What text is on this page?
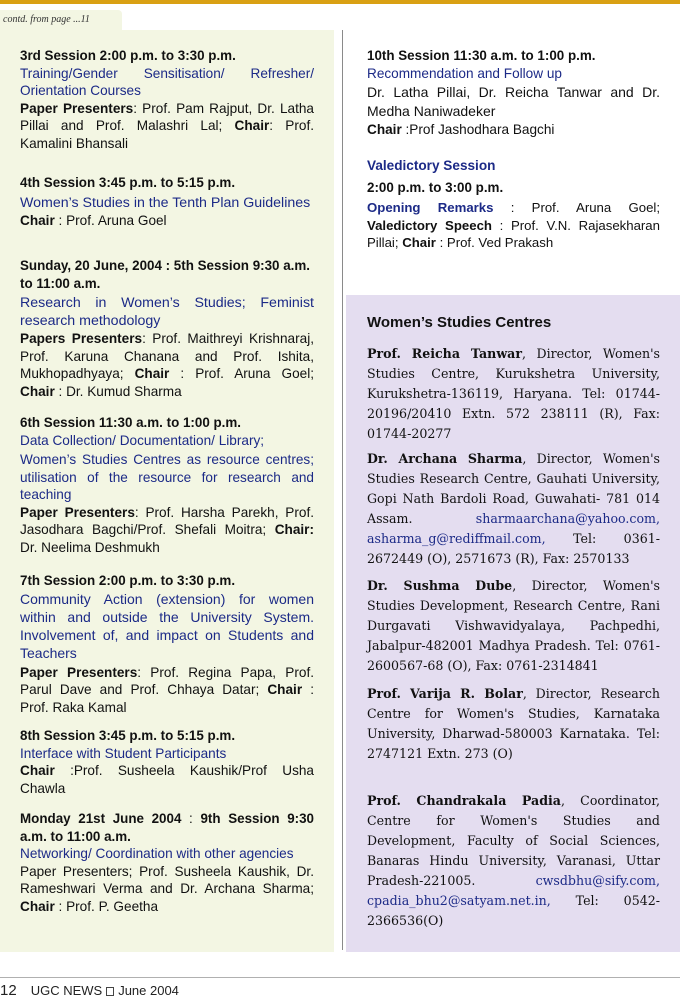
contd. from page ...11
3rd Session 2:00 p.m. to 3:30 p.m.
Training/Gender Sensitisation/ Refresher/ Orientation Courses
Paper Presenters: Prof. Pam Rajput, Dr. Latha Pillai and Prof. Malashri Lal; Chair: Prof. Kamalini Bhansali
4th Session 3:45 p.m. to 5:15 p.m.
Women’s Studies in the Tenth Plan Guidelines
Chair : Prof. Aruna Goel
Sunday, 20 June, 2004 : 5th Session 9:30 a.m. to 11:00 a.m.
Research in Women’s Studies; Feminist research methodology
Papers Presenters: Prof. Maithreyi Krishnaraj, Prof. Karuna Chanana and Prof. Ishita, Mukhopadhyaya; Chair : Prof. Aruna Goel; Chair : Dr. Kumud Sharma
6th Session 11:30 a.m. to 1:00 p.m.
Data Collection/ Documentation/ Library;
Women’s Studies Centres as resource centres; utilisation of the resource for research and teaching
Paper Presenters: Prof. Harsha Parekh, Prof. Jasodhara Bagchi/Prof. Shefali Moitra; Chair: Dr. Neelima Deshmukh
7th Session 2:00 p.m. to 3:30 p.m.
Community Action (extension) for women within and outside the University System. Involvement of, and impact on Students and Teachers
Paper Presenters: Prof. Regina Papa, Prof. Parul Dave and Prof. Chhaya Datar; Chair : Prof. Raka Kamal
8th Session 3:45 p.m. to 5:15 p.m.
Interface with Student Participants
Chair :Prof. Susheela Kaushik/Prof Usha Chawla
Monday 21st June 2004 : 9th Session 9:30 a.m. to 11:00 a.m.
Networking/ Coordination with other agencies
Paper Presenters; Prof. Susheela Kaushik, Dr. Rameshwari Verma and Dr. Archana Sharma; Chair : Prof. P. Geetha
10th Session 11:30 a.m. to 1:00 p.m.
Recommendation and Follow up
Dr. Latha Pillai, Dr. Reicha Tanwar and Dr. Medha Naniwadeker
Chair :Prof Jashodhara Bagchi
Valedictory Session
2:00 p.m. to 3:00 p.m.
Opening Remarks : Prof. Aruna Goel; Valedictory Speech : Prof. V.N. Rajasekharan Pillai; Chair : Prof. Ved Prakash
Women’s Studies Centres
Prof. Reicha Tanwar, Director, Women's Studies Centre, Kurukshetra University, Kurukshetra-136119, Haryana. Tel: 01744-20196/20410 Extn. 572 238111 (R), Fax: 01744-20277
Dr. Archana Sharma, Director, Women's Studies Research Centre, Gauhati University, Gopi Nath Bardoli Road, Guwahati- 781 014 Assam. sharmaarchana@yahoo.com, asharma_g@rediffmail.com, Tel: 0361-2672449 (O), 2571673 (R), Fax: 2570133
Dr. Sushma Dube, Director, Women's Studies Development, Research Centre, Rani Durgavati Vishwavidyalaya, Pachpedhi, Jabalpur-482001 Madhya Pradesh. Tel: 0761-2600567-68 (O), Fax: 0761-2314841
Prof. Varija R. Bolar, Director, Research Centre for Women's Studies, Karnataka University, Dharwad-580003 Karnataka. Tel: 2747121 Extn. 273 (O)
Prof. Chandrakala Padia, Coordinator, Centre for Women's Studies and Development, Faculty of Social Sciences, Banaras Hindu University, Varanasi, Uttar Pradesh-221005. cwsdbhu@sify.com, cpadia_bhu2@satyam.net.in, Tel: 0542-2366536(O)
12 UGC NEWS June 2004
